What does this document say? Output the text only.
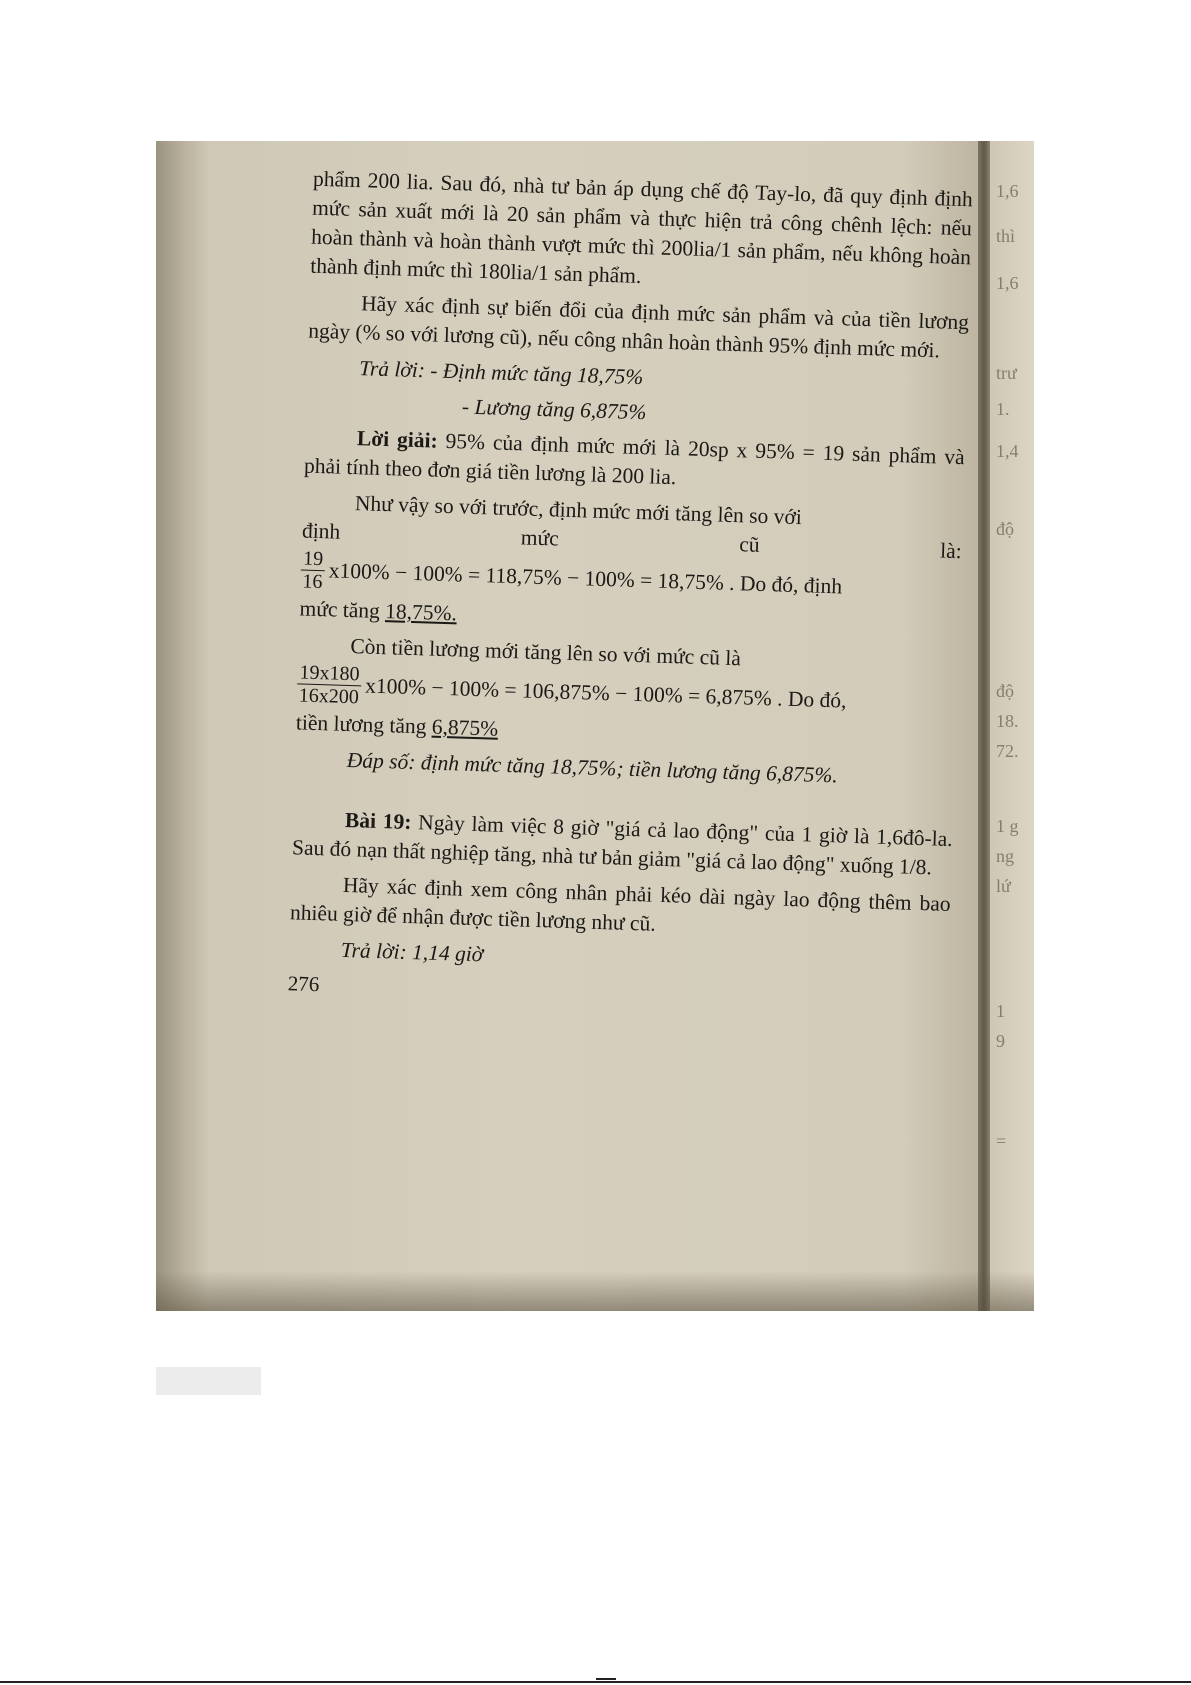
1,6
thì
1,6
trư
1.
1,4
độ
độ
18.
72.
1 g
ng
lứ
1
9
=

phẩm 200 lia. Sau đó, nhà tư bản áp dụng chế độ Tay-lo, đã quy định định mức sản xuất mới là 20 sản phẩm và thực hiện trả công chênh lệch: nếu hoàn thành và hoàn thành vượt mức thì 200lia/1 sản phẩm, nếu không hoàn thành định mức thì 180lia/1 sản phẩm.

Hãy xác định sự biến đổi của định mức sản phẩm và của tiền lương ngày (% so với lương cũ), nếu công nhân hoàn thành 95% định mức mới.

Trả lời: - Định mức tăng 18,75%

- Lương tăng 6,875%

Lời giải: 95% của định mức mới là 20sp x 95% = 19 sản phẩm và phải tính theo đơn giá tiền lương là 200 lia.

Như vậy so với trước, định mức mới tăng lên so với

định	mức	cũ	là:
$\frac{19}{16} x100\% - 100\% = 118,75\% - 100\% = 18,75\%$ . Do đó, định

mức tăng 18,75%.

Còn tiền lương mới tăng lên so với mức cũ là

$\frac{19x180}{16x200} x100\% - 100\% = 106,875\% - 100\% = 6,875\%$ . Do đó,

tiền lương tăng 6,875%

Đáp số: định mức tăng 18,75%; tiền lương tăng 6,875%.

Bài 19: Ngày làm việc 8 giờ "giá cả lao động" của 1 giờ là 1,6đô-la. Sau đó nạn thất nghiệp tăng, nhà tư bản giảm "giá cả lao động" xuống 1/8.

Hãy xác định xem công nhân phải kéo dài ngày lao động thêm bao nhiêu giờ để nhận được tiền lương như cũ.

Trả lời: 1,14 giờ

276
